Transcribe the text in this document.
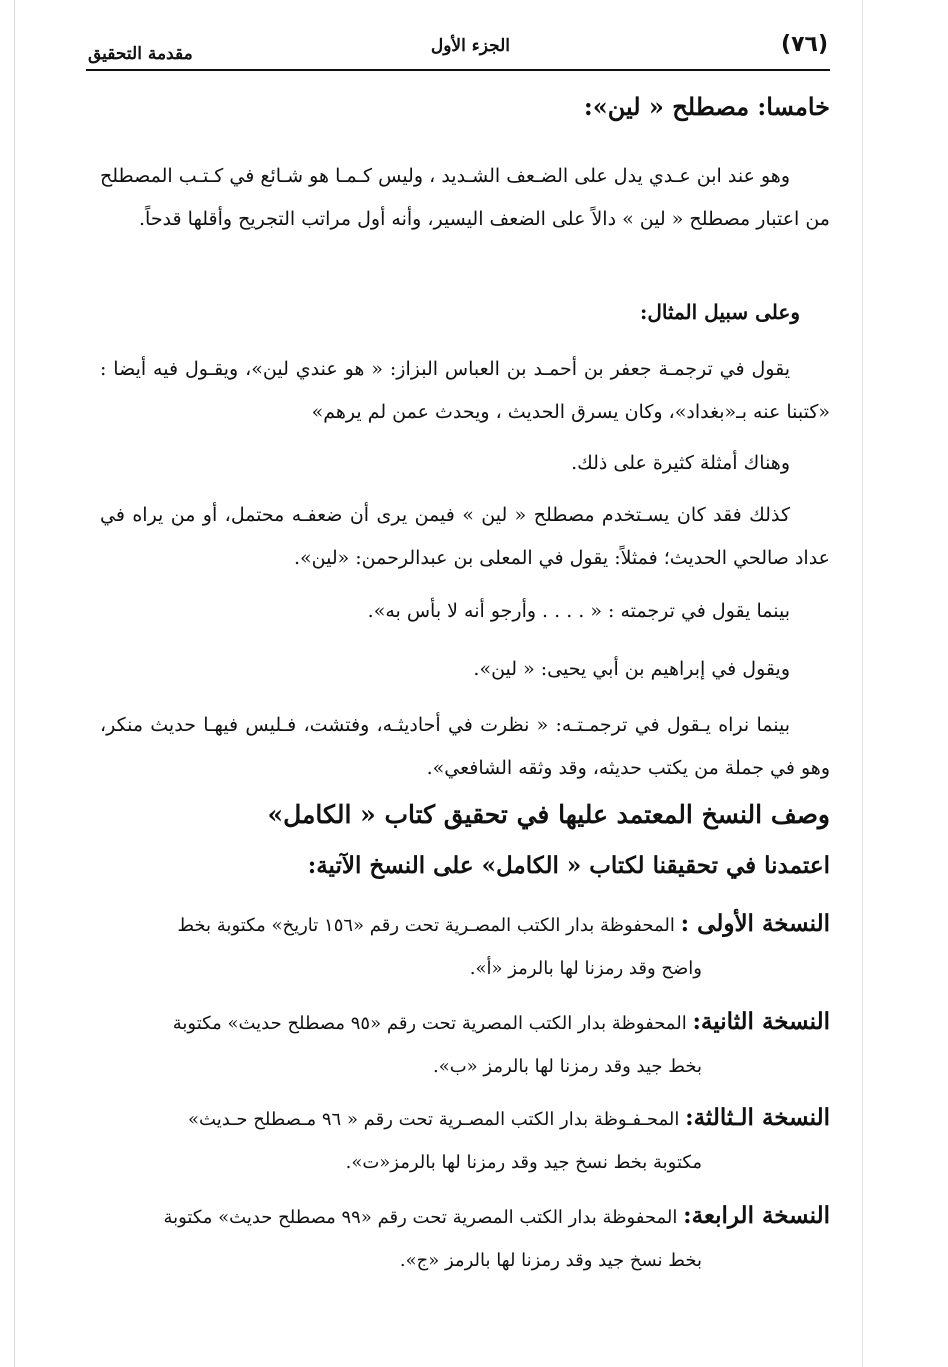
(٧٦)
الجزء الأول
مقدمة التحقيق
خامسا: مصطلح « لين»:
وهو عند ابن عـدي يدل على الضـعف الشـديد ، وليس كـمـا هو شـائع في كـتـب المصطلح من اعتبار مصطلح « لين » دالاً على الضعف اليسير، وأنه أول مراتب التجريح وأقلها قدحاً.
وعلى سبيل المثال:
يقول في ترجمـة جعفر بن أحمـد بن العباس البزاز: « هو عندي لين»، ويقـول فيه أيضا : «كتبنا عنه بـ«بغداد»، وكان يسرق الحديث ، ويحدث عمن لم يرهم»
وهناك أمثلة كثيرة على ذلك.
كذلك فقد كان يسـتخدم مصطلح « لين » فيمن يرى أن ضعفـه محتمل، أو من يراه في عداد صالحي الحديث؛ فمثلاً: يقول في المعلى بن عبدالرحمن: «لين».
بينما يقول في ترجمته : « . . . . وأرجو أنه لا بأس به».
ويقول في إبراهيم بن أبي يحيى: « لين».
بينما نراه يـقول في ترجمـتـه: « نظرت في أحاديثـه، وفتشت، فـليس فيهـا حديث منكر، وهو في جملة من يكتب حديثه، وقد وثقه الشافعي».
وصف النسخ المعتمد عليها في تحقيق كتاب « الكامل»
اعتمدنا في تحقيقنا لكتاب « الكامل» على النسخ الآتية:
النسخة الأولى : المحفوظة بدار الكتب المصـرية تحت رقم «١٥٦ تاريخ» مكتوبة بخط
واضح وقد رمزنا لها بالرمز «أ».
النسخة الثانية: المحفوظة بدار الكتب المصرية تحت رقم «٩٥ مصطلح حديث» مكتوبة
بخط جيد وقد رمزنا لها بالرمز «ب».
النسخة الـثالثة: المحـفـوظة بدار الكتب المصـرية تحت رقم « ٩٦ مـصطلح حـديث»
مكتوبة بخط نسخ جيد وقد رمزنا لها بالرمز«ت».
النسخة الرابعة: المحفوظة بدار الكتب المصرية تحت رقم «٩٩ مصطلح حديث» مكتوبة
بخط نسخ جيد وقد رمزنا لها بالرمز «ج».
